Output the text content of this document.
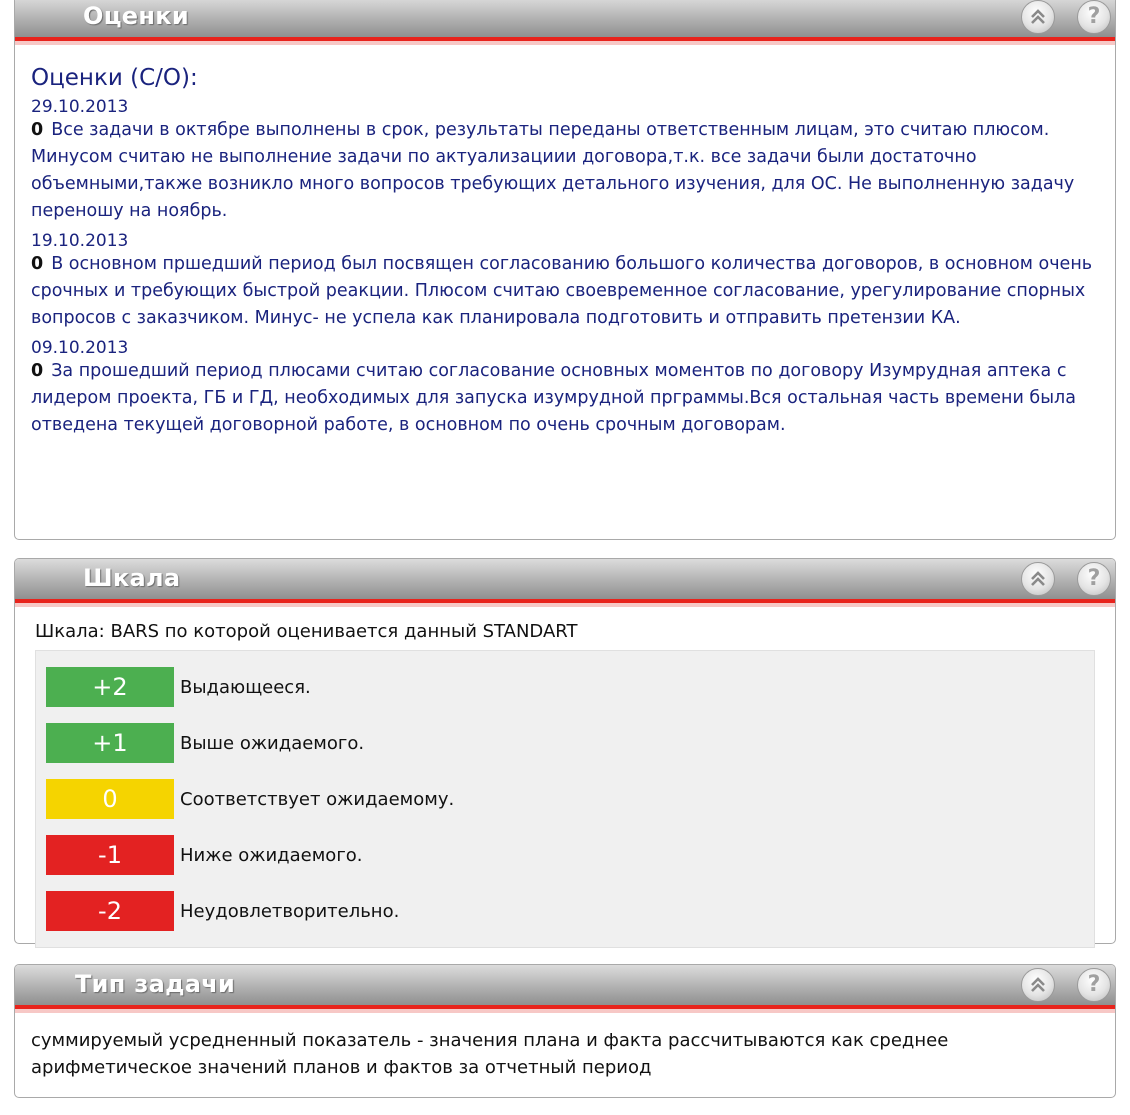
Оценки	?
Оценки (С/О):
29.10.2013
0 Все задачи в октябре выполнены в срок, результаты переданы ответственным лицам, это считаю плюсом. Минусом считаю не выполнение задачи по актуализациии договора,т.к. все задачи были достаточно объемными,также возникло много вопросов требующих детального изучения, для ОС. Не выполненную задачу переношу на ноябрь.
19.10.2013
0 В основном пршедший период был посвящен согласованию большого количества договоров, в основном очень срочных и требующих быстрой реакции. Плюсом считаю своевременное согласование, урегулирование спорных вопросов с заказчиком. Минус- не успела как планировала подготовить и отправить претензии КА.
09.10.2013
0 За прошедший период плюсами считаю согласование основных моментов по договору Изумрудная аптека с лидером проекта, ГБ и ГД, необходимых для запуска изумрудной прграммы.Вся остальная часть времени была отведена текущей договорной работе, в основном по очень срочным договорам.
Шкала	?
Шкала: BARS по которой оценивается данный STANDART
+2	Выдающееся.
+1	Выше ожидаемого.
0	Соответствует ожидаемому.
-1	Ниже ожидаемого.
-2	Неудовлетворительно.
Тип задачи	?
суммируемый усредненный показатель - значения плана и факта рассчитываются как среднее арифметическое значений планов и фактов за отчетный период
